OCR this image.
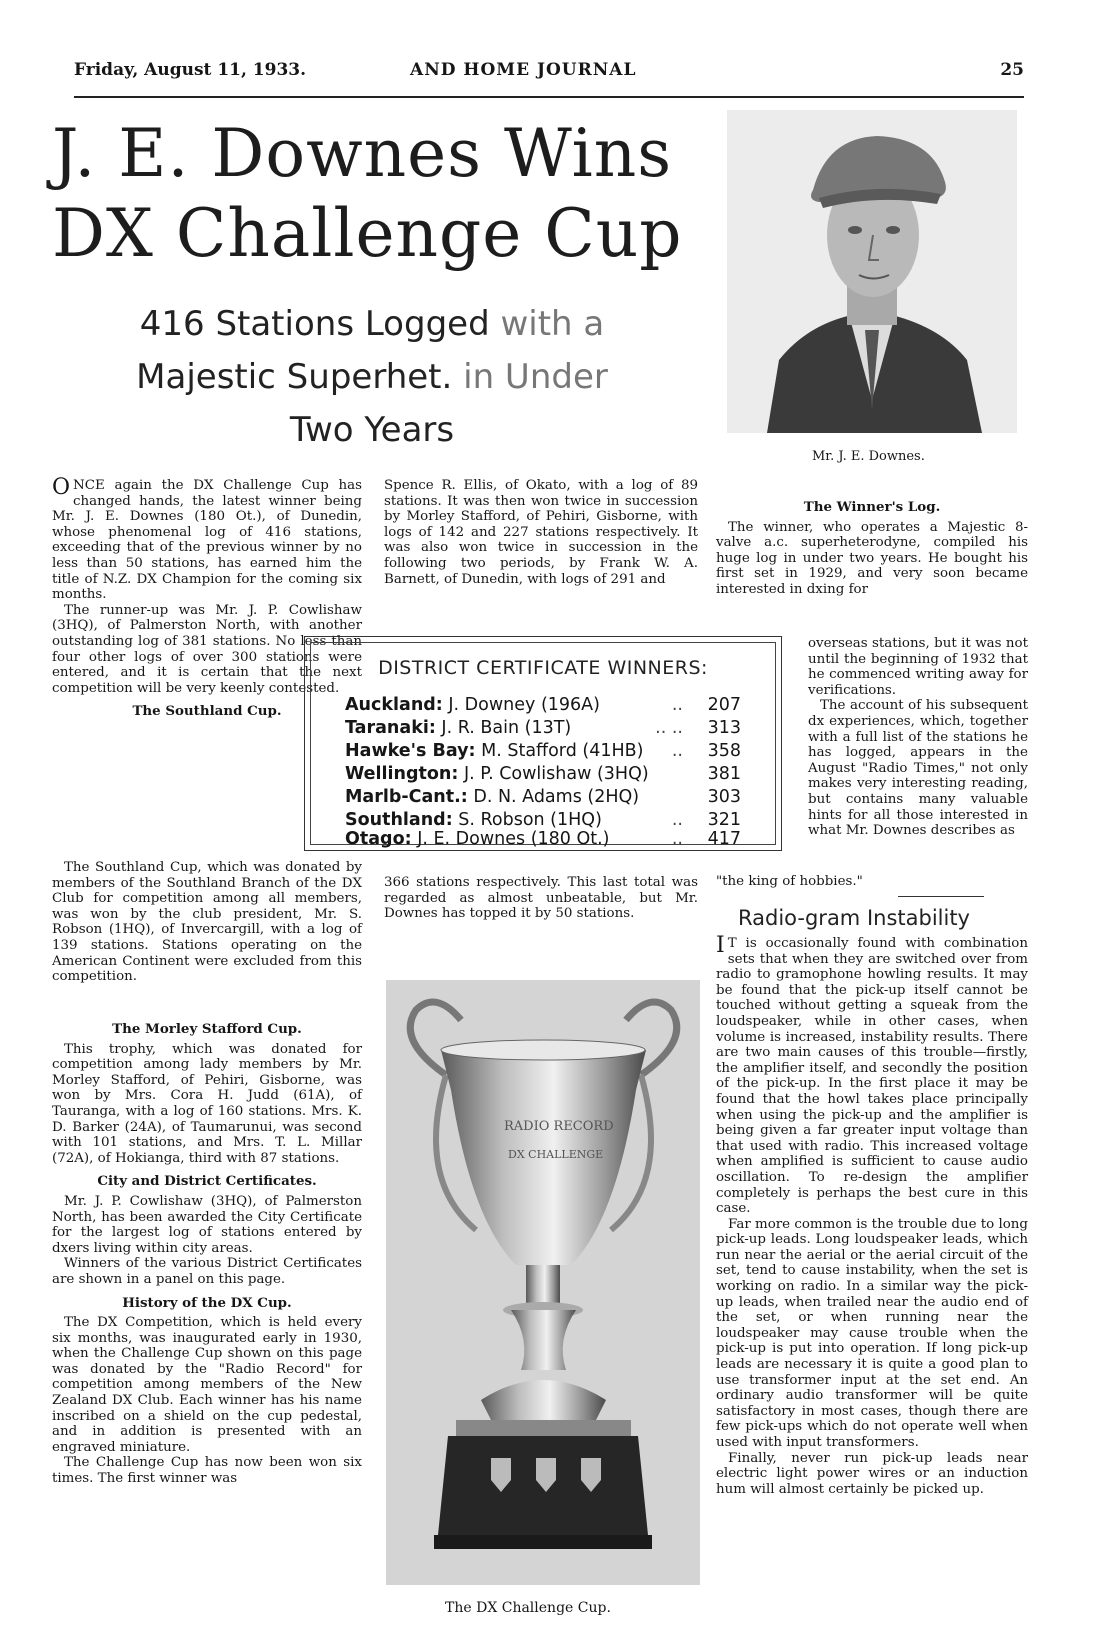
Friday, August 11, 1933.	AND HOME JOURNAL	25
J. E. Downes Wins
DX Challenge Cup
416 Stations Logged with a
Majestic Superhet. in Under
Two Years
Mr. J. E. Downes.

ONCE again the DX Challenge Cup has changed hands, the latest winner being Mr. J. E. Downes (180 Ot.), of Dunedin, whose phenomenal log of 416 stations, exceeding that of the previous winner by no less than 50 stations, has earned him the title of N.Z. DX Champion for the coming six months.

The runner-up was Mr. J. P. Cowlishaw (3HQ), of Palmerston North, with another outstanding log of 381 stations. No less than four other logs of over 300 stations were entered, and it is certain that the next competition will be very keenly contested.

The Southland Cup.

Spence R. Ellis, of Okato, with a log of 89 stations. It was then won twice in succession by Morley Stafford, of Pehiri, Gisborne, with logs of 142 and 227 stations respectively. It was also won twice in succession in the following two periods, by Frank W. A. Barnett, of Dunedin, with logs of 291 and

The Winner's Log.

The winner, who operates a Majestic 8-valve a.c. superheterodyne, compiled his huge log in under two years. He bought his first set in 1929, and very soon became interested in dxing for

DISTRICT CERTIFICATE WINNERS:
Auckland: J. Downey (196A)	.. 207
Taranaki: J. R. Bain (13T)	.. .. 313
Hawke's Bay: M. Stafford (41HB) .. 358
Wellington: J. P. Cowlishaw (3HQ)	381
Marlb-Cant.: D. N. Adams (2HQ)	303
Southland: S. Robson (1HQ)	.. 321
Otago: J. E. Downes (180 Ot.)	.. 417

overseas stations, but it was not until the beginning of 1932 that he commenced writing away for verifications.

The account of his subsequent dx experiences, which, together with a full list of the stations he has logged, appears in the August "Radio Times," not only makes very interesting reading, but contains many valuable hints for all those interested in what Mr. Downes describes as

"the king of hobbies."

The Southland Cup, which was donated by members of the Southland Branch of the DX Club for competition among all members, was won by the club president, Mr. S. Robson (1HQ), of Invercargill, with a log of 139 stations. Stations operating on the American Continent were excluded from this competition.

The Morley Stafford Cup.

This trophy, which was donated for competition among lady members by Mr. Morley Stafford, of Pehiri, Gisborne, was won by Mrs. Cora H. Judd (61A), of Tauranga, with a log of 160 stations. Mrs. K. D. Barker (24A), of Taumarunui, was second with 101 stations, and Mrs. T. L. Millar (72A), of Hokianga, third with 87 stations.

City and District Certificates.

Mr. J. P. Cowlishaw (3HQ), of Palmerston North, has been awarded the City Certificate for the largest log of stations entered by dxers living within city areas.

Winners of the various District Certificates are shown in a panel on this page.

History of the DX Cup.

The DX Competition, which is held every six months, was inaugurated early in 1930, when the Challenge Cup shown on this page was donated by the "Radio Record" for competition among members of the New Zealand DX Club. Each winner has his name inscribed on a shield on the cup pedestal, and in addition is presented with an engraved miniature.

The Challenge Cup has now been won six times. The first winner was

366 stations respectively. This last total was regarded as almost unbeatable, but Mr. Downes has topped it by 50 stations.	Radio-gram Instability

I T is occasionally found with combination sets that when they are switched over from radio to gramophone howling results. It may be found that the pick-up itself cannot be touched without getting a squeak from the loudspeaker, while in other cases, when volume is increased, instability results. There are two main causes of this trouble—firstly, the amplifier itself, and secondly the position of the pick-up. In the first place it may be found that the howl takes place principally when using the pick-up and the amplifier is being given a far greater input voltage than that used with radio. This increased voltage when amplified is sufficient to cause audio oscillation. To re-design the amplifier completely is perhaps the best cure in this case.

Far more common is the trouble due to long pick-up leads. Long loudspeaker leads, which run near the aerial or the aerial circuit of the set, tend to cause instability, when the set is working on radio. In a similar way the pick-up leads, when trailed near the audio end of the set, or when running near the loudspeaker may cause trouble when the pick-up is put into operation. If long pick-up leads are necessary it is quite a good plan to use transformer input at the set end. An ordinary audio transformer will be quite satisfactory in most cases, though there are few pick-ups which do not operate well when used with input transformers.

Finally, never run pick-up leads near electric light power wires or an induction hum will almost certainly be picked up.

RADIO RECORD
DX CHALLENGE
The DX Challenge Cup.
